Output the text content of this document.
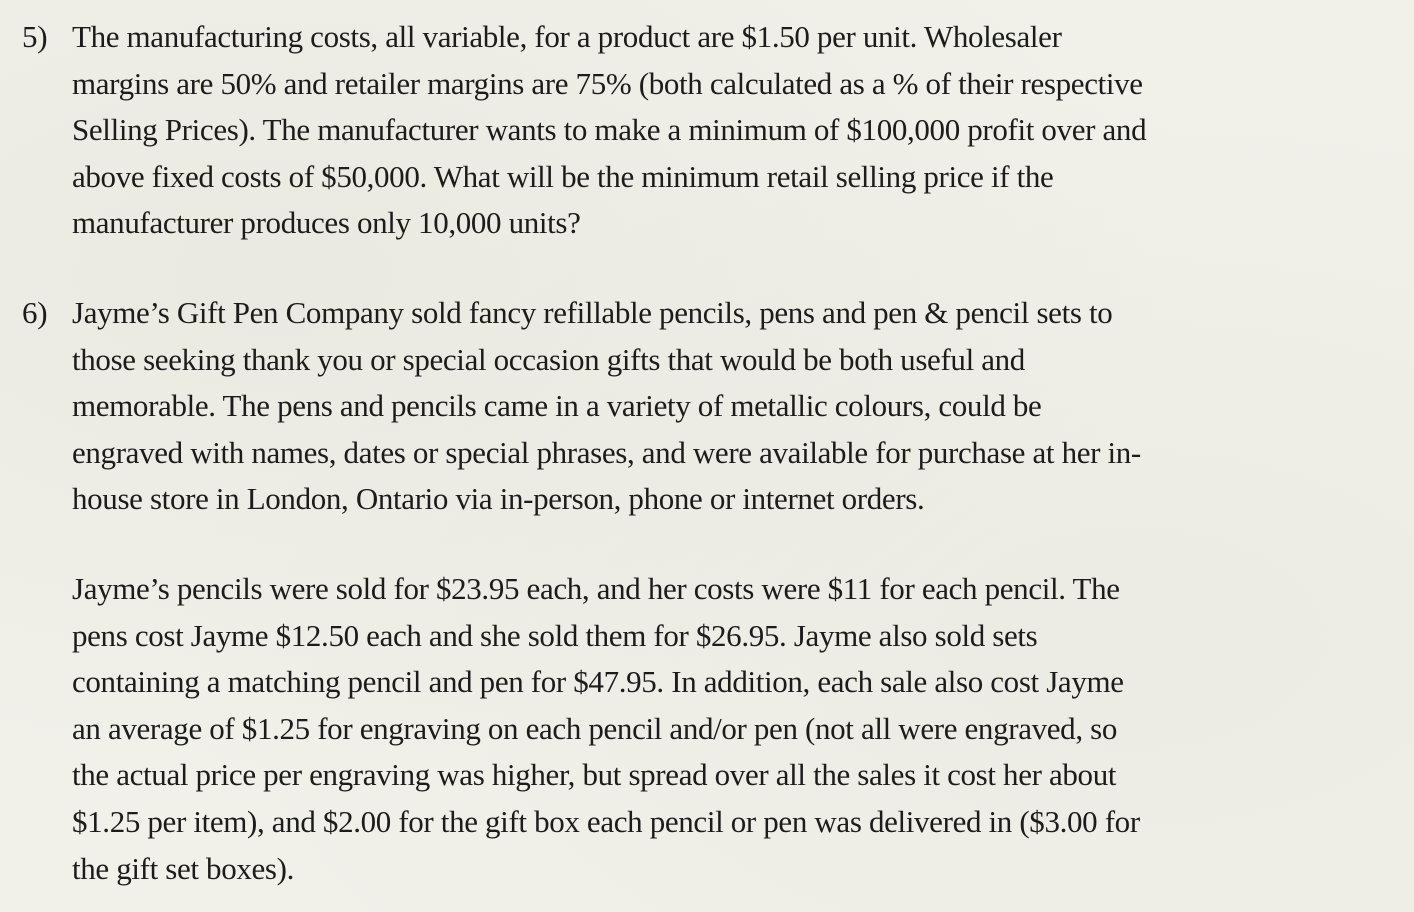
5) The manufacturing costs, all variable, for a product are $1.50 per unit. Wholesaler
margins are 50% and retailer margins are 75% (both calculated as a % of their respective
Selling Prices). The manufacturer wants to make a minimum of $100,000 profit over and
above fixed costs of $50,000. What will be the minimum retail selling price if the
manufacturer produces only 10,000 units?
6) Jayme’s Gift Pen Company sold fancy refillable pencils, pens and pen & pencil sets to
those seeking thank you or special occasion gifts that would be both useful and
memorable. The pens and pencils came in a variety of metallic colours, could be
engraved with names, dates or special phrases, and were available for purchase at her in-
house store in London, Ontario via in-person, phone or internet orders.
Jayme’s pencils were sold for $23.95 each, and her costs were $11 for each pencil. The
pens cost Jayme $12.50 each and she sold them for $26.95. Jayme also sold sets
containing a matching pencil and pen for $47.95. In addition, each sale also cost Jayme
an average of $1.25 for engraving on each pencil and/or pen (not all were engraved, so
the actual price per engraving was higher, but spread over all the sales it cost her about
$1.25 per item), and $2.00 for the gift box each pencil or pen was delivered in ($3.00 for
the gift set boxes).
